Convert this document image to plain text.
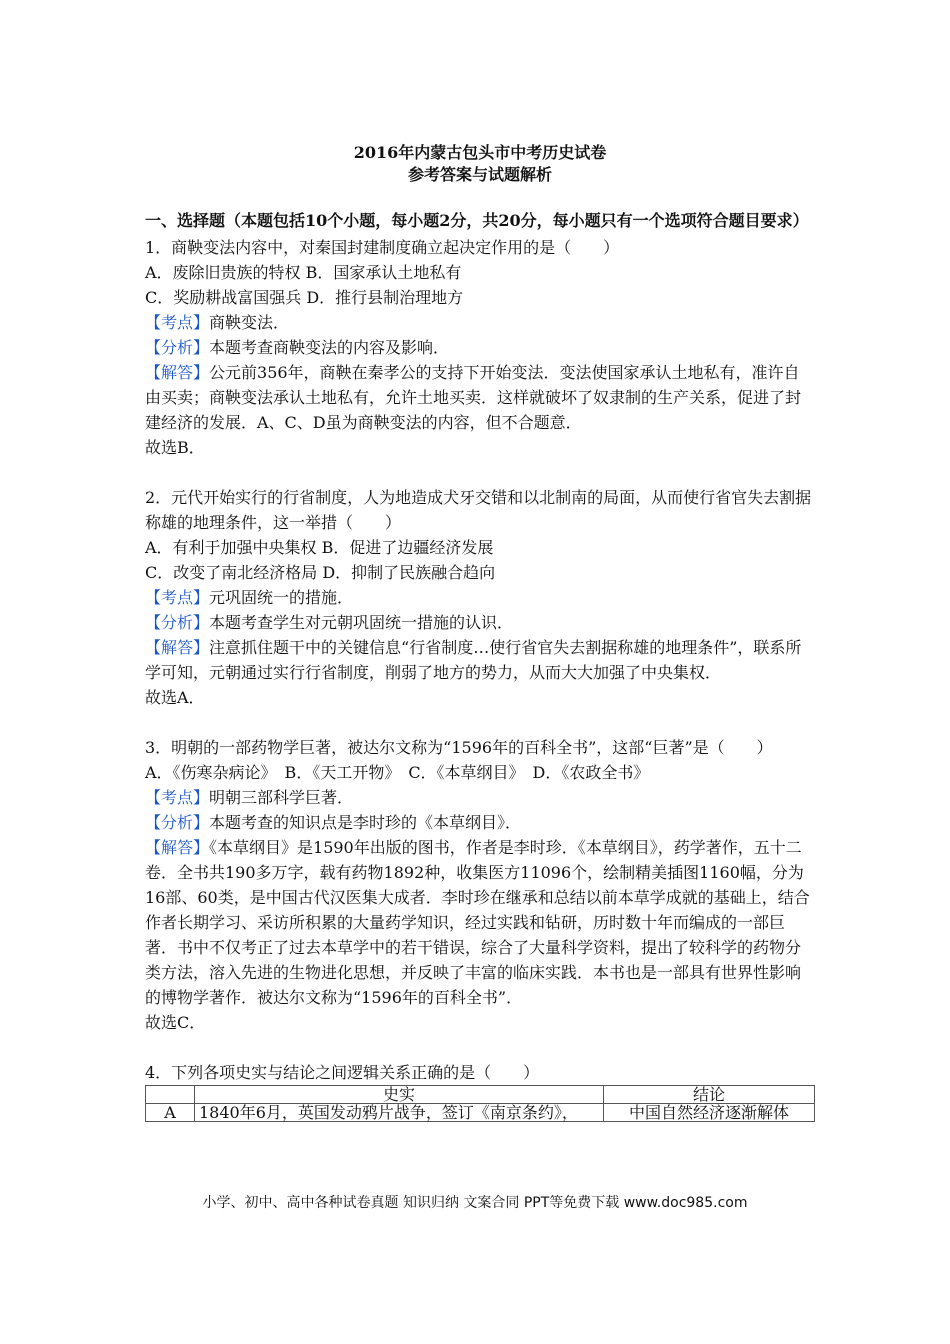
2016年内蒙古包头市中考历史试卷
参考答案与试题解析
一、选择题（本题包括10个小题，每小题2分，共20分，每小题只有一个选项符合题目要求）
1．商鞅变法内容中，对秦国封建制度确立起决定作用的是（　　）
A．废除旧贵族的特权 B．国家承认土地私有
C．奖励耕战富国强兵 D．推行县制治理地方
【考点】商鞅变法．
【分析】本题考查商鞅变法的内容及影响．
【解答】公元前356年，商鞅在秦孝公的支持下开始变法．变法使国家承认土地私有，准许自由买卖；商鞅变法承认土地私有，允许土地买卖．这样就破坏了奴隶制的生产关系，促进了封建经济的发展．A、C、D虽为商鞅变法的内容，但不合题意．
故选B．
2．元代开始实行的行省制度，人为地造成犬牙交错和以北制南的局面，从而使行省官失去割据称雄的地理条件，这一举措（　　）
A．有利于加强中央集权 B．促进了边疆经济发展
C．改变了南北经济格局 D．抑制了民族融合趋向
【考点】元巩固统一的措施．
【分析】本题考查学生对元朝巩固统一措施的认识．
【解答】注意抓住题干中的关键信息“行省制度…使行省官失去割据称雄的地理条件”，联系所学可知，元朝通过实行行省制度，削弱了地方的势力，从而大大加强了中央集权．
故选A．
3．明朝的一部药物学巨著，被达尔文称为“1596年的百科全书”，这部“巨著”是（　　）
A．《伤寒杂病论》　B．《天工开物》　C．《本草纲目》　D．《农政全书》
【考点】明朝三部科学巨著．
【分析】本题考查的知识点是李时珍的《本草纲目》．
【解答】《本草纲目》是1590年出版的图书，作者是李时珍．《本草纲目》，药学著作，五十二卷．全书共190多万字，载有药物1892种，收集医方11096个，绘制精美插图1160幅，分为16部、60类，是中国古代汉医集大成者．李时珍在继承和总结以前本草学成就的基础上，结合作者长期学习、采访所积累的大量药学知识，经过实践和钻研，历时数十年而编成的一部巨著．书中不仅考正了过去本草学中的若干错误，综合了大量科学资料，提出了较科学的药物分类方法，溶入先进的生物进化思想，并反映了丰富的临床实践．本书也是一部具有世界性影响的博物学著作．被达尔文称为“1596年的百科全书”．
故选C．
4．下列各项史实与结论之间逻辑关系正确的是（　　）
	史实	结论
A	1840年6月，英国发动鸦片战争，签订《南京条约》，	中国自然经济逐渐解体
小学、初中、高中各种试卷真题 知识归纳 文案合同 PPT等免费下载 www.doc985.com
